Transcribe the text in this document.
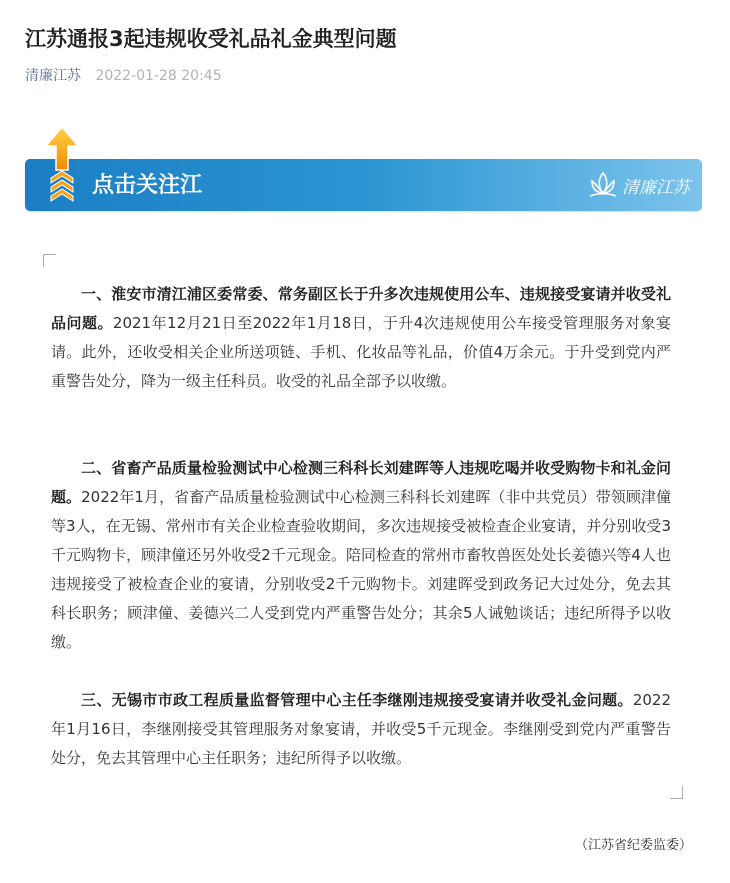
江苏通报3起违规收受礼品礼金典型问题
清廉江苏 2022-01-28 20:45
点击关注江	清廉江苏

一、淮安市清江浦区委常委、常务副区长于升多次违规使用公车、违规接受宴请并收受礼品问题。2021年12月21日至2022年1月18日，于升4次违规使用公车接受管理服务对象宴请。此外，还收受相关企业所送项链、手机、化妆品等礼品，价值4万余元。于升受到党内严重警告处分，降为一级主任科员。收受的礼品全部予以收缴。

二、省畜产品质量检验测试中心检测三科科长刘建晖等人违规吃喝并收受购物卡和礼金问题。2022年1月，省畜产品质量检验测试中心检测三科科长刘建晖（非中共党员）带领顾津僮等3人，在无锡、常州市有关企业检查验收期间，多次违规接受被检查企业宴请，并分别收受3千元购物卡，顾津僮还另外收受2千元现金。陪同检查的常州市畜牧兽医处处长姜德兴等4人也违规接受了被检查企业的宴请，分别收受2千元购物卡。刘建晖受到政务记大过处分，免去其科长职务；顾津僮、姜德兴二人受到党内严重警告处分；其余5人诫勉谈话；违纪所得予以收缴。

三、无锡市市政工程质量监督管理中心主任李继刚违规接受宴请并收受礼金问题。2022年1月16日，李继刚接受其管理服务对象宴请，并收受5千元现金。李继刚受到党内严重警告处分，免去其管理中心主任职务；违纪所得予以收缴。

（江苏省纪委监委）
